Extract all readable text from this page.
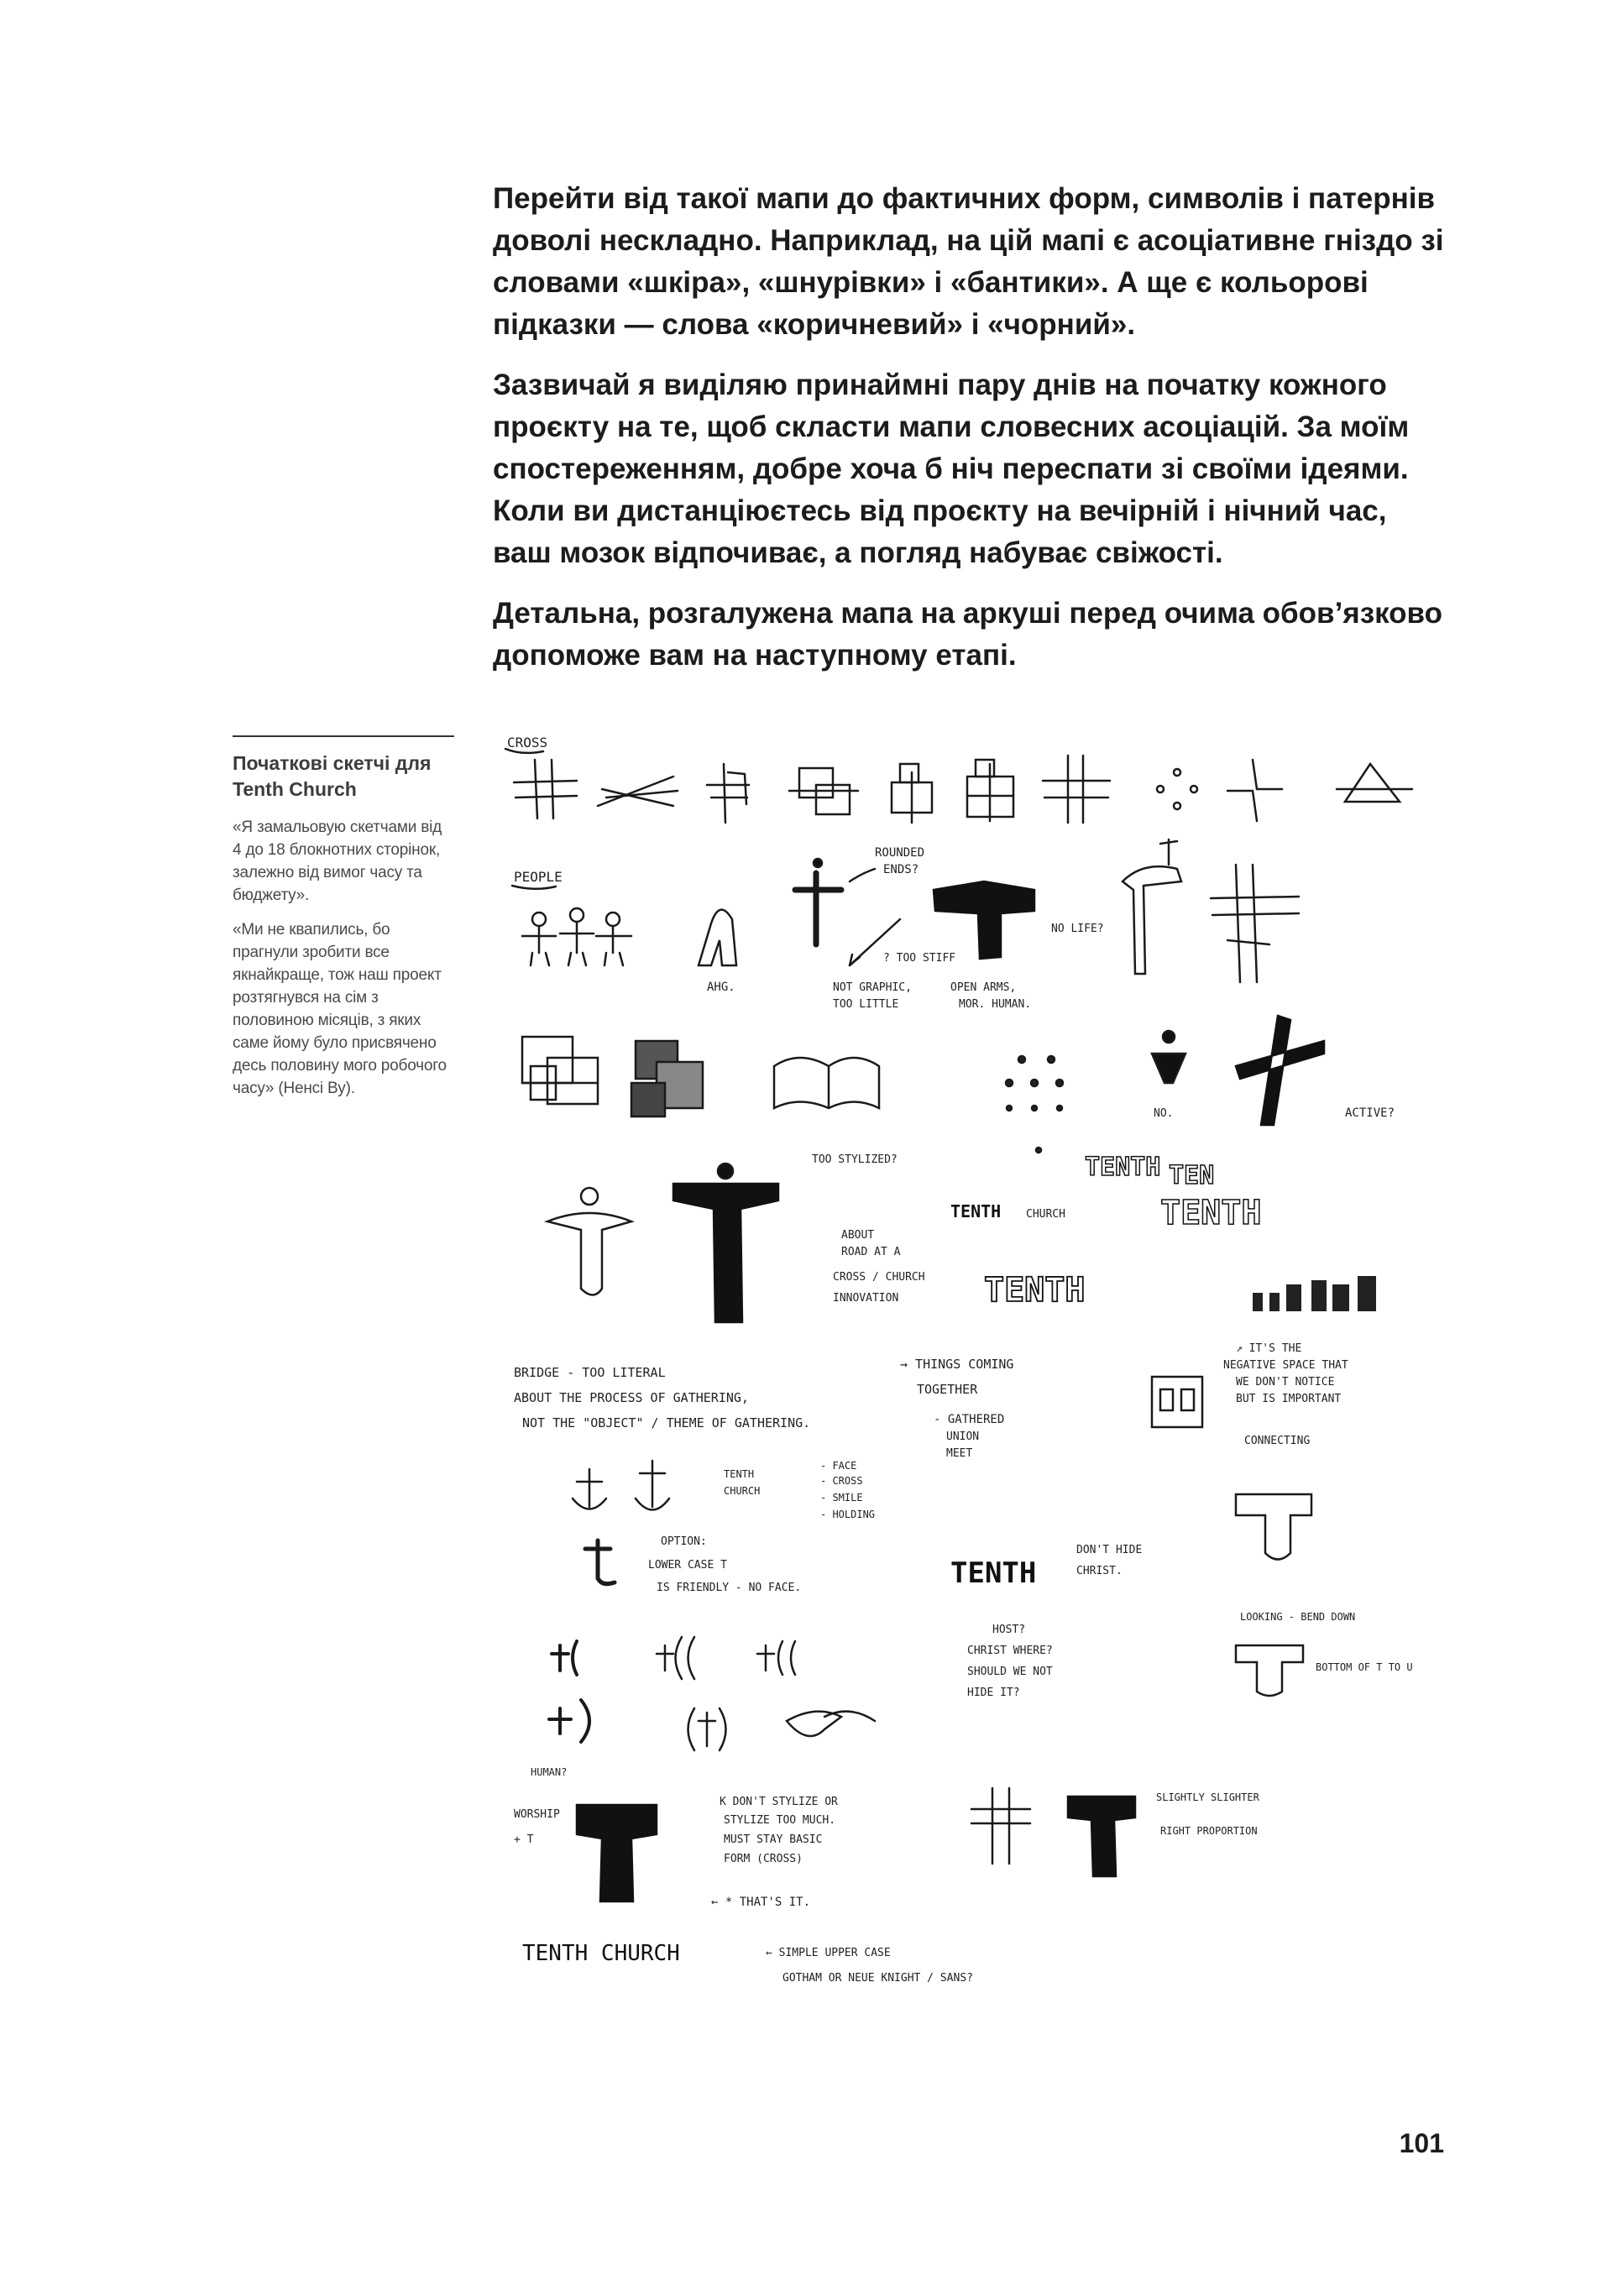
Перейти від такої мапи до фактичних форм, символів і патернів доволі нескладно. Наприклад, на цій мапі є асоціативне гніздо зі словами «шкіра», «шнурівки» і «бантики». А ще є кольорові підказки — слова «коричневий» і «чорний».

Зазвичай я виділяю принаймні пару днів на початку кожного проєкту на те, щоб скласти мапи словесних асоціацій. За моїм спостереженням, добре хоча б ніч переспати зі своїми ідеями. Коли ви дистанціюєтесь від проєкту на вечірній і нічний час, ваш мозок відпочиває, а погляд набуває свіжості.

Детальна, розгалужена мапа на аркуші перед очима обов’язково допоможе вам на наступному етапі.

Початкові скетчі для Tenth Church

«Я замальовую скетчами від 4 до 18 блокнотних сторінок, залежно від вимог часу та бюджету».

«Ми не квапились, бо прагнули зробити все якнайкраще, тож наш проект розтягнувся на сім з половиною місяців, з яких саме йому було присвячено десь половину мого робочого часу» (Ненсі Ву).

CROSS
PEOPLE
AHG.
ROUNDED
ENDS?
NOT GRAPHIC,
TOO LITTLE
NO LIFE?
OPEN ARMS,
MOR. HUMAN.
? TOO STIFF
NO.	ACTIVE?
TOO STYLIZED?
ABOUT
ROAD AT A
CROSS / CHURCH
INNOVATION
TENTH CHURCH
TENTH TEN
TENTH
TENTH
BRIDGE - TOO LITERAL
ABOUT THE PROCESS OF GATHERING,
NOT THE "OBJECT" / THEME OF GATHERING.
→ THINGS COMING
TOGETHER
- GATHERED
UNION
MEET
↗ IT'S THE
NEGATIVE SPACE THAT
WE DON'T NOTICE
BUT IS IMPORTANT
CONNECTING
TENTH
CHURCH
- FACE
- CROSS
- SMILE
- HOLDING
OPTION:
LOWER CASE T
IS FRIENDLY - NO FACE.	TENTH
DON'T HIDE
CHRIST.
HOST?
CHRIST WHERE?
SHOULD WE NOT
HIDE IT?
LOOKING - BEND DOWN
BOTTOM OF T TO U
HUMAN?
WORSHIP
+ T
K DON'T STYLIZE OR
STYLIZE TOO MUCH.
MUST STAY BASIC
FORM (CROSS)
← * THAT'S IT.
SLIGHTLY SLIGHTER
RIGHT PROPORTION
TENTH CHURCH	← SIMPLE UPPER CASE
GOTHAM OR NEUE KNIGHT / SANS?
101
